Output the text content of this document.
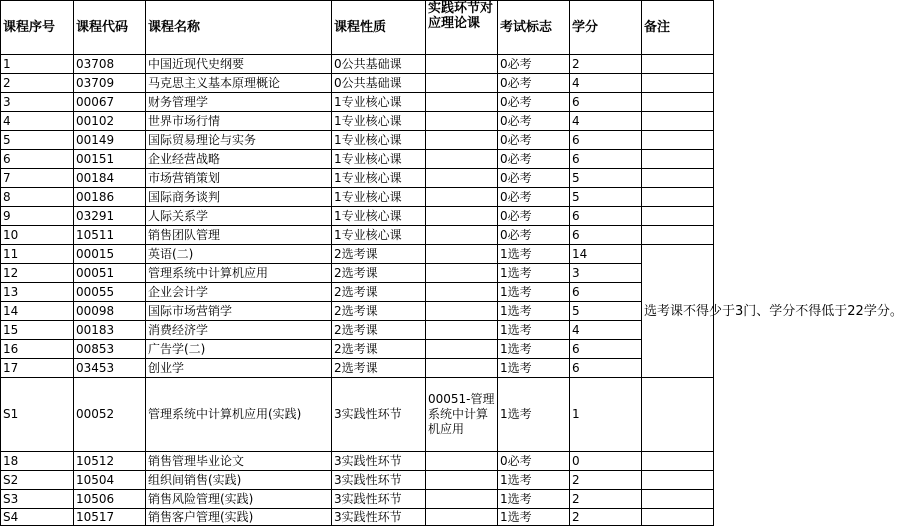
课程序号	课程代码	课程名称	课程性质	实践环节对应理论课	考试标志	学分	备注
1	03708	中国近现代史纲要	0公共基础课		0必考	2	
2	03709	马克思主义基本原理概论	0公共基础课		0必考	4	
3	00067	财务管理学	1专业核心课		0必考	6	
4	00102	世界市场行情	1专业核心课		0必考	4	
5	00149	国际贸易理论与实务	1专业核心课		0必考	6	
6	00151	企业经营战略	1专业核心课		0必考	6	
7	00184	市场营销策划	1专业核心课		0必考	5	
8	00186	国际商务谈判	1专业核心课		0必考	5	
9	03291	人际关系学	1专业核心课		0必考	6	
10	10511	销售团队管理	1专业核心课		0必考	6	
11	00015	英语(二)	2选考课		1选考	14	选考课不得少于3门、学分不得低于22学分。
12	00051	管理系统中计算机应用	2选考课		1选考	3	
13	00055	企业会计学	2选考课		1选考	6	
14	00098	国际市场营销学	2选考课		1选考	5	
15	00183	消费经济学	2选考课		1选考	4	
16	00853	广告学(二)	2选考课		1选考	6	
17	03453	创业学	2选考课		1选考	6	
S1	00052	管理系统中计算机应用(实践)	3实践性环节	00051-管理系统中计算机应用	1选考	1	
18	10512	销售管理毕业论文	3实践性环节		0必考	0	
S2	10504	组织间销售(实践)	3实践性环节		1选考	2	
S3	10506	销售风险管理(实践)	3实践性环节		1选考	2	
S4	10517	销售客户管理(实践)	3实践性环节		1选考	2	
